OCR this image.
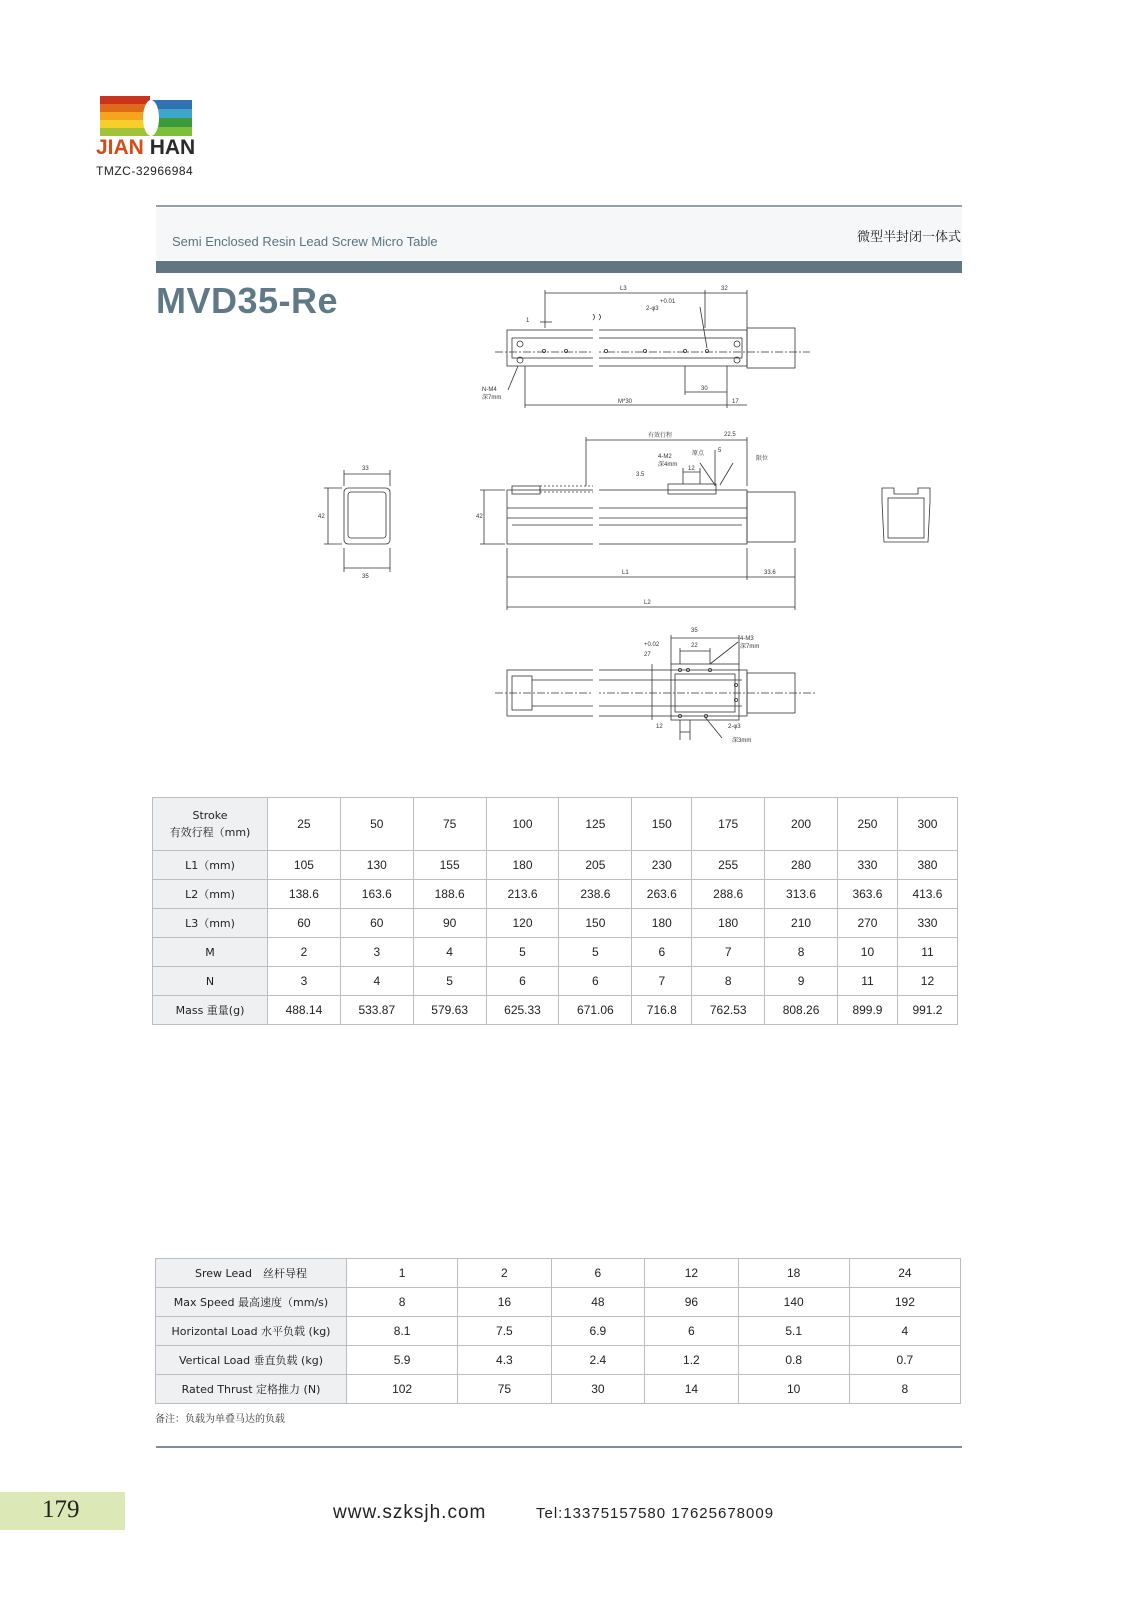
JIAN HAN
TMZC-32966984
Semi Enclosed Resin Lead Screw Micro Table	微型半封闭一体式
MVD35-Re	L3	32
2-φ3
+0.01
1
N-M4
深7mm
30
M*30	17
有效行程	22.5
4-M2
深4mm
原点 5
限位
12
3.5
33
42
35
42
L1	33.6
L2
35
22
4-M3
深7mm
27
+0.02
12	2-φ3
深3mm
Stroke
有效行程（mm)	25	50	75	100	125	150	175	200	250	300
L1（mm)	105	130	155	180	205	230	255	280	330	380
L2（mm)	138.6	163.6	188.6	213.6	238.6	263.6	288.6	313.6	363.6	413.6
L3（mm)	60	60	90	120	150	180	180	210	270	330
M	2	3	4	5	5	6	7	8	10	11
N	3	4	5	6	6	7	8	9	11	12
Mass 重量(g)	488.14	533.87	579.63	625.33	671.06	716.8	762.53	808.26	899.9	991.2
Srew Lead　丝杆导程	1	2	6	12	18	24
Max Speed 最高速度（mm/s)	8	16	48	96	140	192
Horizontal Load 水平负载 (kg)	8.1	7.5	6.9	6	5.1	4
Vertical Load 垂直负载 (kg)	5.9	4.3	2.4	1.2	0.8	0.7
Rated Thrust 定格推力 (N)	102	75	30	14	10	8
备注：负载为单叠马达的负载
179	www.szksjh.com	Tel:13375157580 17625678009
